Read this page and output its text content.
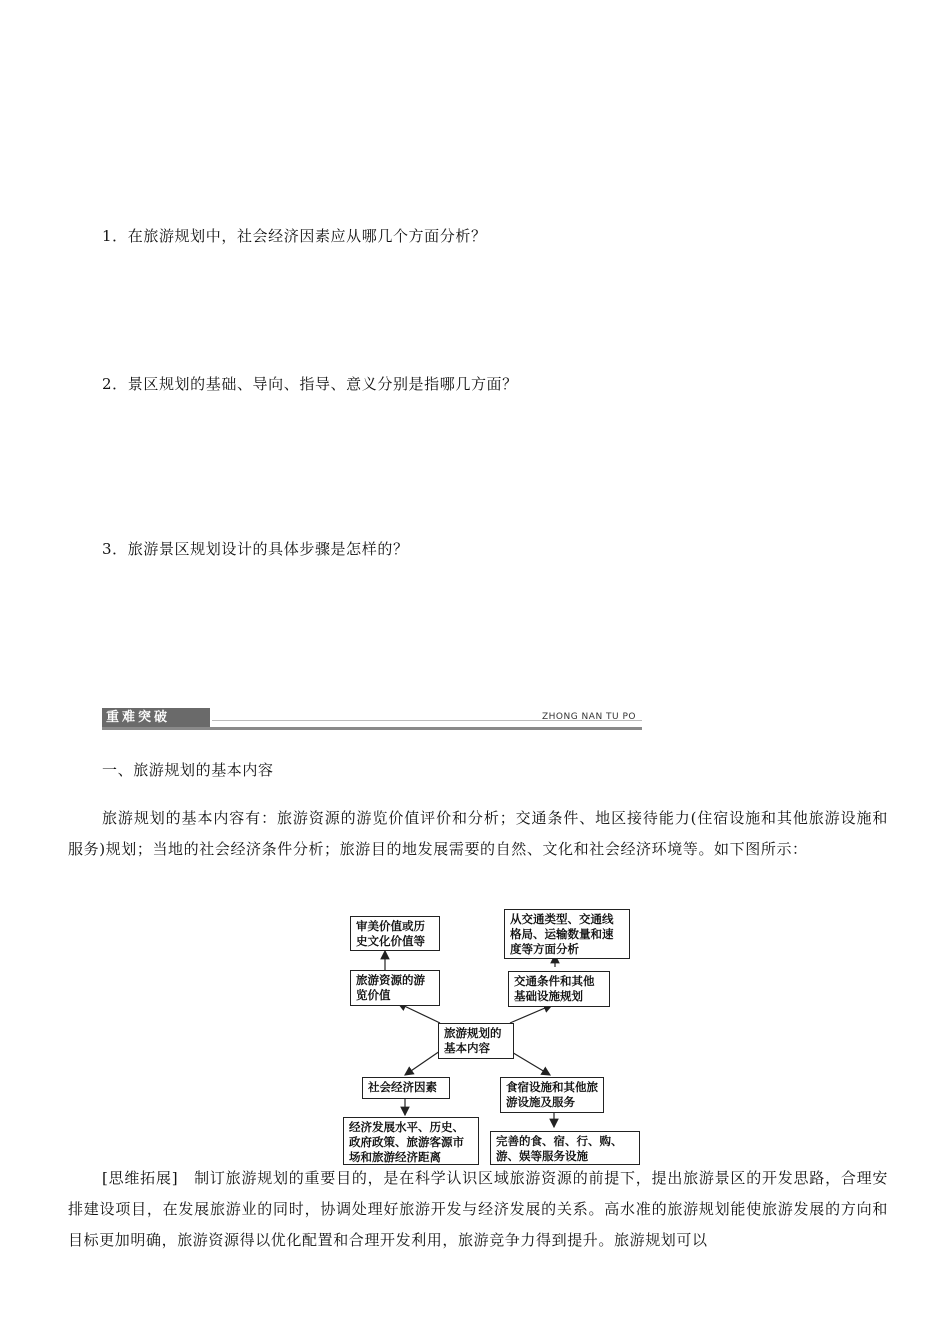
1．在旅游规划中，社会经济因素应从哪几个方面分析？
2．景区规划的基础、导向、指导、意义分别是指哪几方面？
3．旅游景区规划设计的具体步骤是怎样的？
重难突破	ZHONG NAN TU PO
一、旅游规划的基本内容
旅游规划的基本内容有：旅游资源的游览价值评价和分析；交通条件、地区接待能力(住宿设施和其他旅游设施和服务)规划；当地的社会经济条件分析；旅游目的地发展需要的自然、文化和社会经济环境等。如下图所示：
审美价值或历史文化价值等
旅游资源的游览价值
从交通类型、交通线格局、运输数量和速度等方面分析
交通条件和其他基础设施规划
旅游规划的基本内容
社会经济因素	食宿设施和其他旅游设施及服务
经济发展水平、历史、政府政策、旅游客源市场和旅游经济距离
完善的食、宿、行、购、游、娱等服务设施
[思维拓展]　制订旅游规划的重要目的，是在科学认识区域旅游资源的前提下，提出旅游景区的开发思路，合理安排建设项目，在发展旅游业的同时，协调处理好旅游开发与经济发展的关系。高水准的旅游规划能使旅游发展的方向和目标更加明确，旅游资源得以优化配置和合理开发利用，旅游竞争力得到提升。旅游规划可以
